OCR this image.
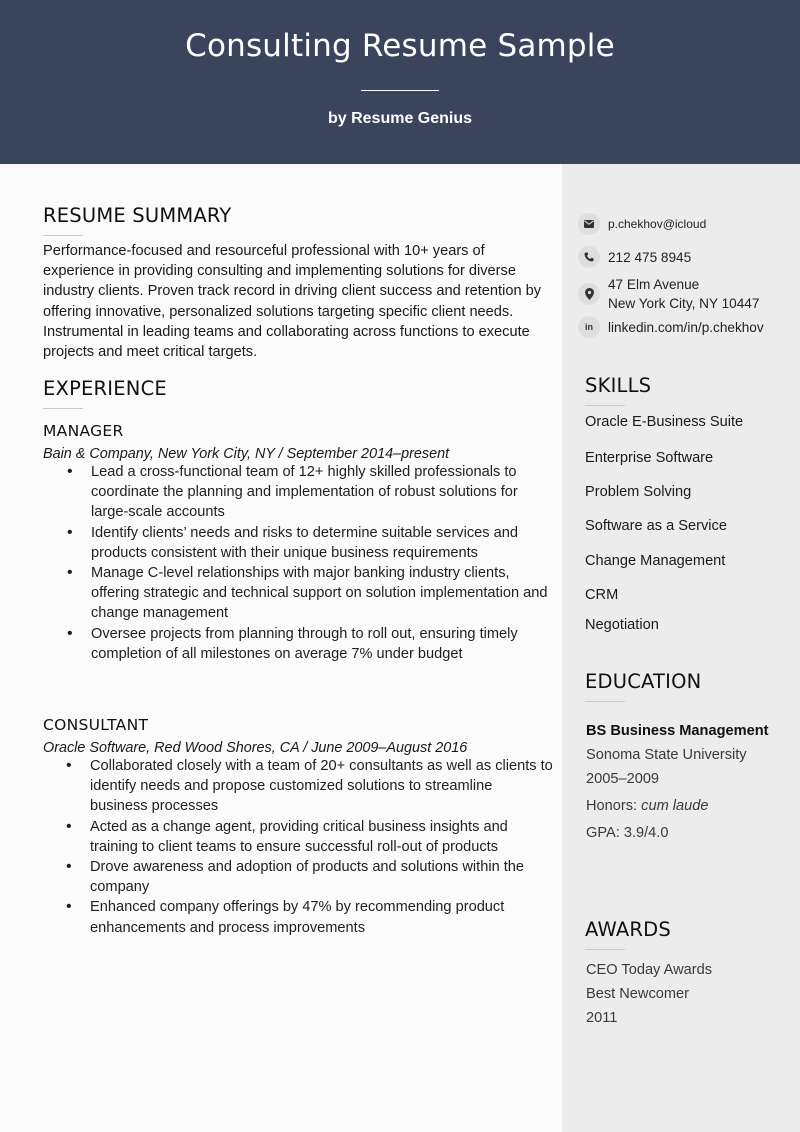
Consulting Resume Sample
by Resume Genius
RESUME SUMMARY
Performance-focused and resourceful professional with 10+ years of experience in providing consulting and implementing solutions for diverse industry clients. Proven track record in driving client success and retention by offering innovative, personalized solutions targeting specific client needs. Instrumental in leading teams and collaborating across functions to execute projects and meet critical targets.
EXPERIENCE
MANAGER
Bain & Company, New York City, NY / September 2014–present
• Lead a cross-functional team of 12+ highly skilled professionals to coordinate the planning and implementation of robust solutions for large-scale accounts
• Identify clients’ needs and risks to determine suitable services and products consistent with their unique business requirements
• Manage C-level relationships with major banking industry clients, offering strategic and technical support on solution implementation and change management
• Oversee projects from planning through to roll out, ensuring timely completion of all milestones on average 7% under budget
CONSULTANT
Oracle Software, Red Wood Shores, CA / June 2009–August 2016
• Collaborated closely with a team of 20+ consultants as well as clients to identify needs and propose customized solutions to streamline business processes
• Acted as a change agent, providing critical business insights and training to client teams to ensure successful roll-out of products
• Drove awareness and adoption of products and solutions within the company
• Enhanced company offerings by 47% by recommending product enhancements and process improvements
p.chekhov@icloud
212 475 8945
47 Elm Avenue
New York City, NY 10447
in linkedin.com/in/p.chekhov
SKILLS
Oracle E-Business Suite
Enterprise Software
Problem Solving
Software as a Service
Change Management
CRM
Negotiation
EDUCATION
BS Business Management
Sonoma State University
2005–2009
Honors: cum laude
GPA: 3.9/4.0
AWARDS
CEO Today Awards
Best Newcomer
2011
